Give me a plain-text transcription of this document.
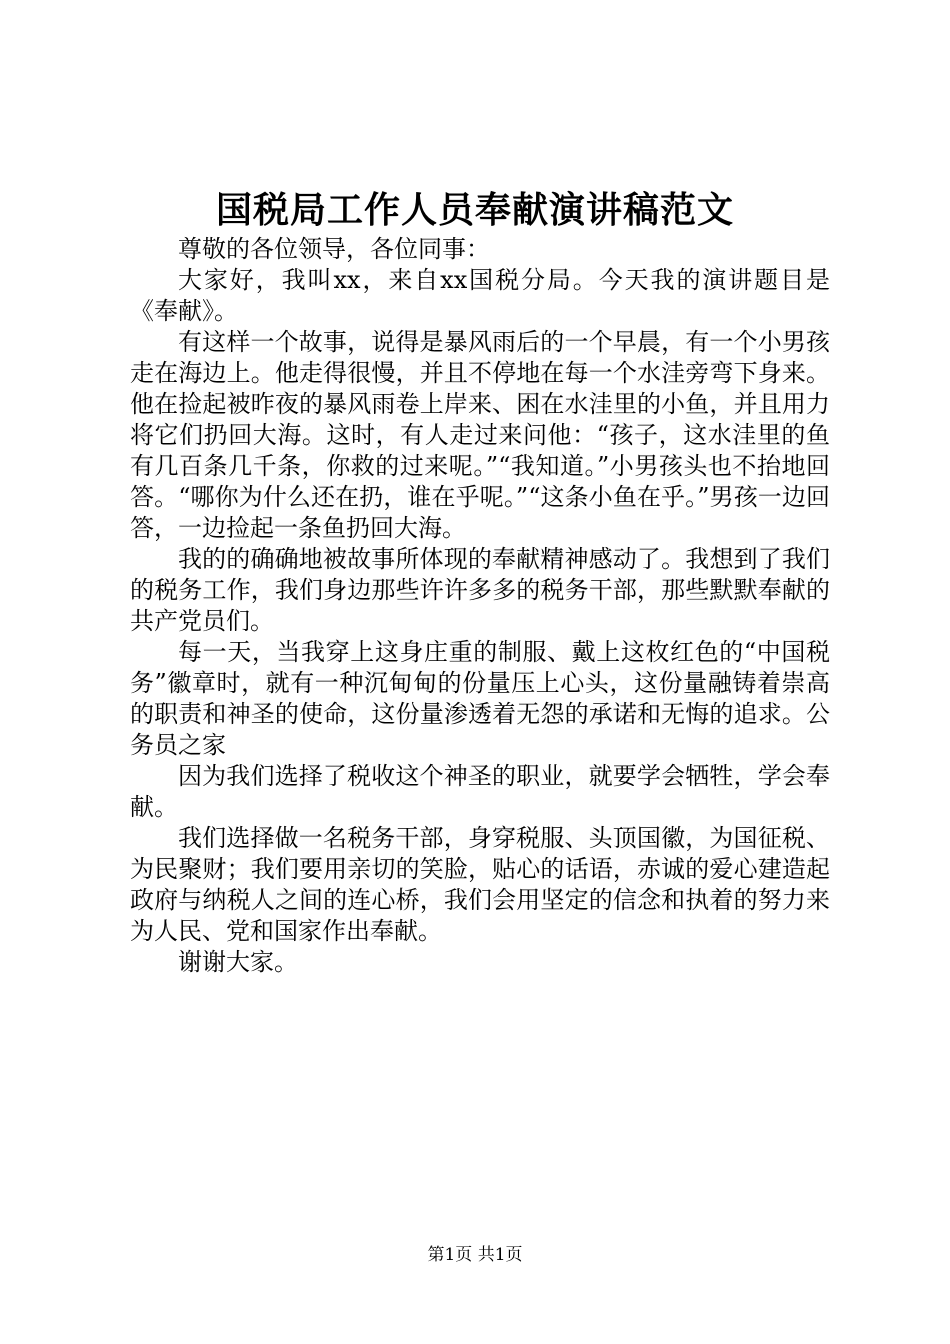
国税局工作人员奉献演讲稿范文

尊敬的各位领导，各位同事：

大家好，我叫xx，来自xx国税分局。今天我的演讲题目是《奉献》。

有这样一个故事，说得是暴风雨后的一个早晨，有一个小男孩走在海边上。他走得很慢，并且不停地在每一个水洼旁弯下身来。他在捡起被昨夜的暴风雨卷上岸来、困在水洼里的小鱼，并且用力将它们扔回大海。这时，有人走过来问他：“孩子，这水洼里的鱼有几百条几千条，你救的过来呢。”“我知道。”小男孩头也不抬地回答。“哪你为什么还在扔，谁在乎呢。”“这条小鱼在乎。”男孩一边回答，一边捡起一条鱼扔回大海。

我的的确确地被故事所体现的奉献精神感动了。我想到了我们的税务工作，我们身边那些许许多多的税务干部，那些默默奉献的共产党员们。

每一天，当我穿上这身庄重的制服、戴上这枚红色的“中国税务”徽章时，就有一种沉甸甸的份量压上心头，这份量融铸着崇高的职责和神圣的使命，这份量渗透着无怨的承诺和无悔的追求。公务员之家

因为我们选择了税收这个神圣的职业，就要学会牺牲，学会奉献。

我们选择做一名税务干部，身穿税服、头顶国徽，为国征税、为民聚财；我们要用亲切的笑脸，贴心的话语，赤诚的爱心建造起政府与纳税人之间的连心桥，我们会用坚定的信念和执着的努力来为人民、党和国家作出奉献。

谢谢大家。

第1页 共1页
